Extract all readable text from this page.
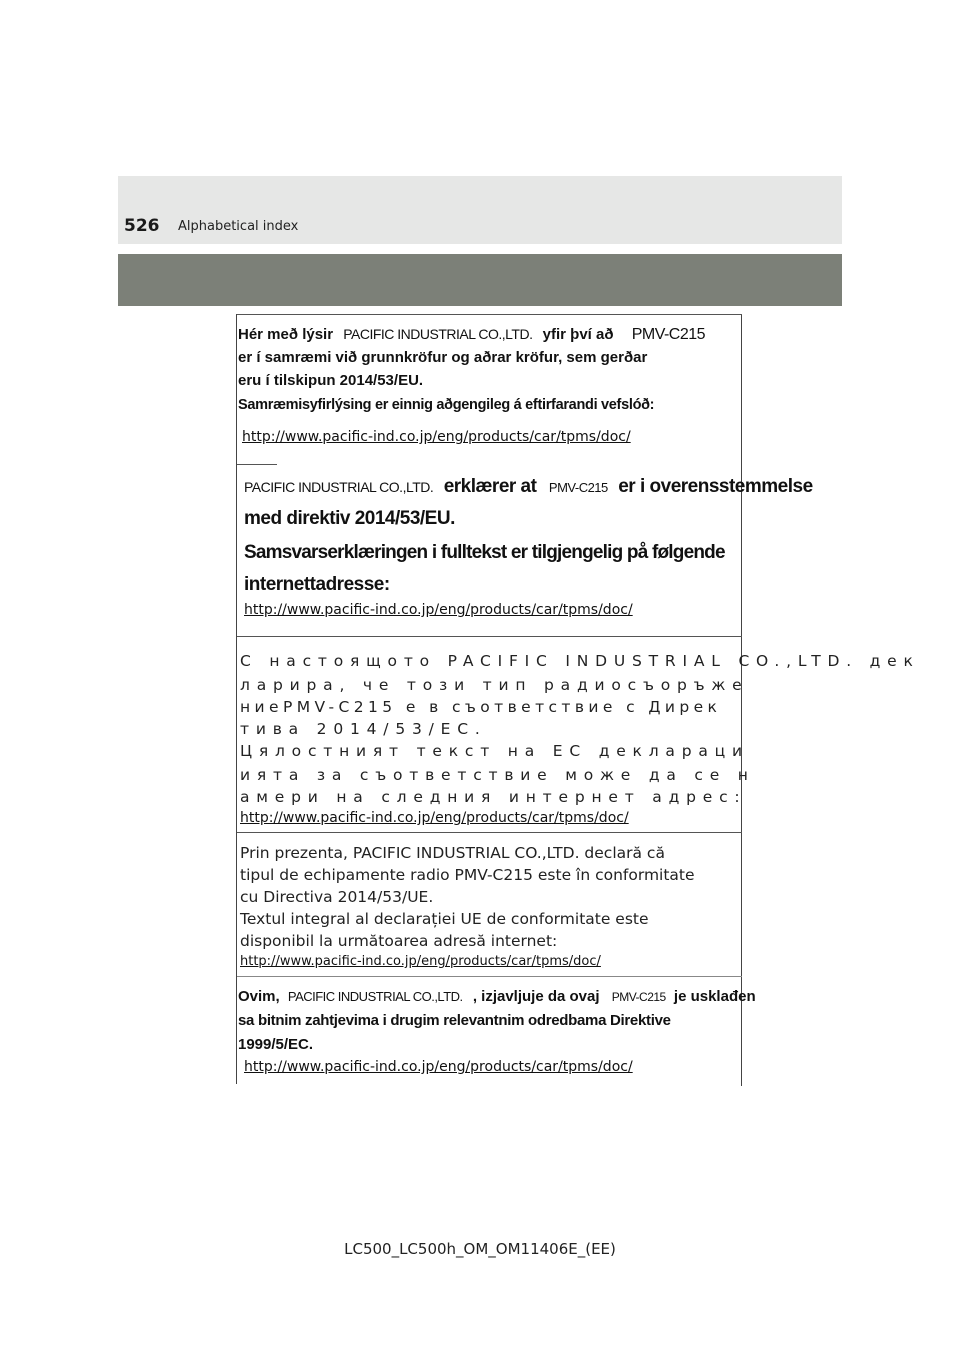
526 Alphabetical index
Hér með lýsir PACIFIC INDUSTRIAL CO.,LTD. yfir því að PMV-C215
er í samræmi við grunnkröfur og aðrar kröfur, sem gerðar
eru í tilskipun 2014/53/EU.
Samræmisyfirlýsing er einnig aðgengileg á eftirfarandi vefslóð:
http://www.pacific-ind.co.jp/eng/products/car/tpms/doc/
PACIFIC INDUSTRIAL CO.,LTD. erklærer at PMV-C215 er i overensstemmelse
med direktiv 2014/53/EU.
Samsvarserklæringen i fulltekst er tilgjengelig på følgende
internettadresse:
http://www.pacific-ind.co.jp/eng/products/car/tpms/doc/
С настоящото PACIFIC INDUSTRIAL CO.,LTD. дек
ларира, че този тип радиосъоръже
ниеPMV-C215 е в съответствие с Дирек
тива 2014/53/ЕС.
Цялостният текст на ЕС деклараци
ията за съответствие може да се н
амери на следния интернет адрес:
http://www.pacific-ind.co.jp/eng/products/car/tpms/doc/
Prin prezenta, PACIFIC INDUSTRIAL CO.,LTD. declară că
tipul de echipamente radio PMV-C215 este în conformitate
cu Directiva 2014/53/UE.
Textul integral al declarației UE de conformitate este
disponibil la următoarea adresă internet:
http://www.pacific-ind.co.jp/eng/products/car/tpms/doc/
Ovim, PACIFIC INDUSTRIAL CO.,LTD. , izjavljuje da ovaj PMV-C215 je usklađen
sa bitnim zahtjevima i drugim relevantnim odredbama Direktive
1999/5/EC.
http://www.pacific-ind.co.jp/eng/products/car/tpms/doc/
LC500_LC500h_OM_OM11406E_(EE)
